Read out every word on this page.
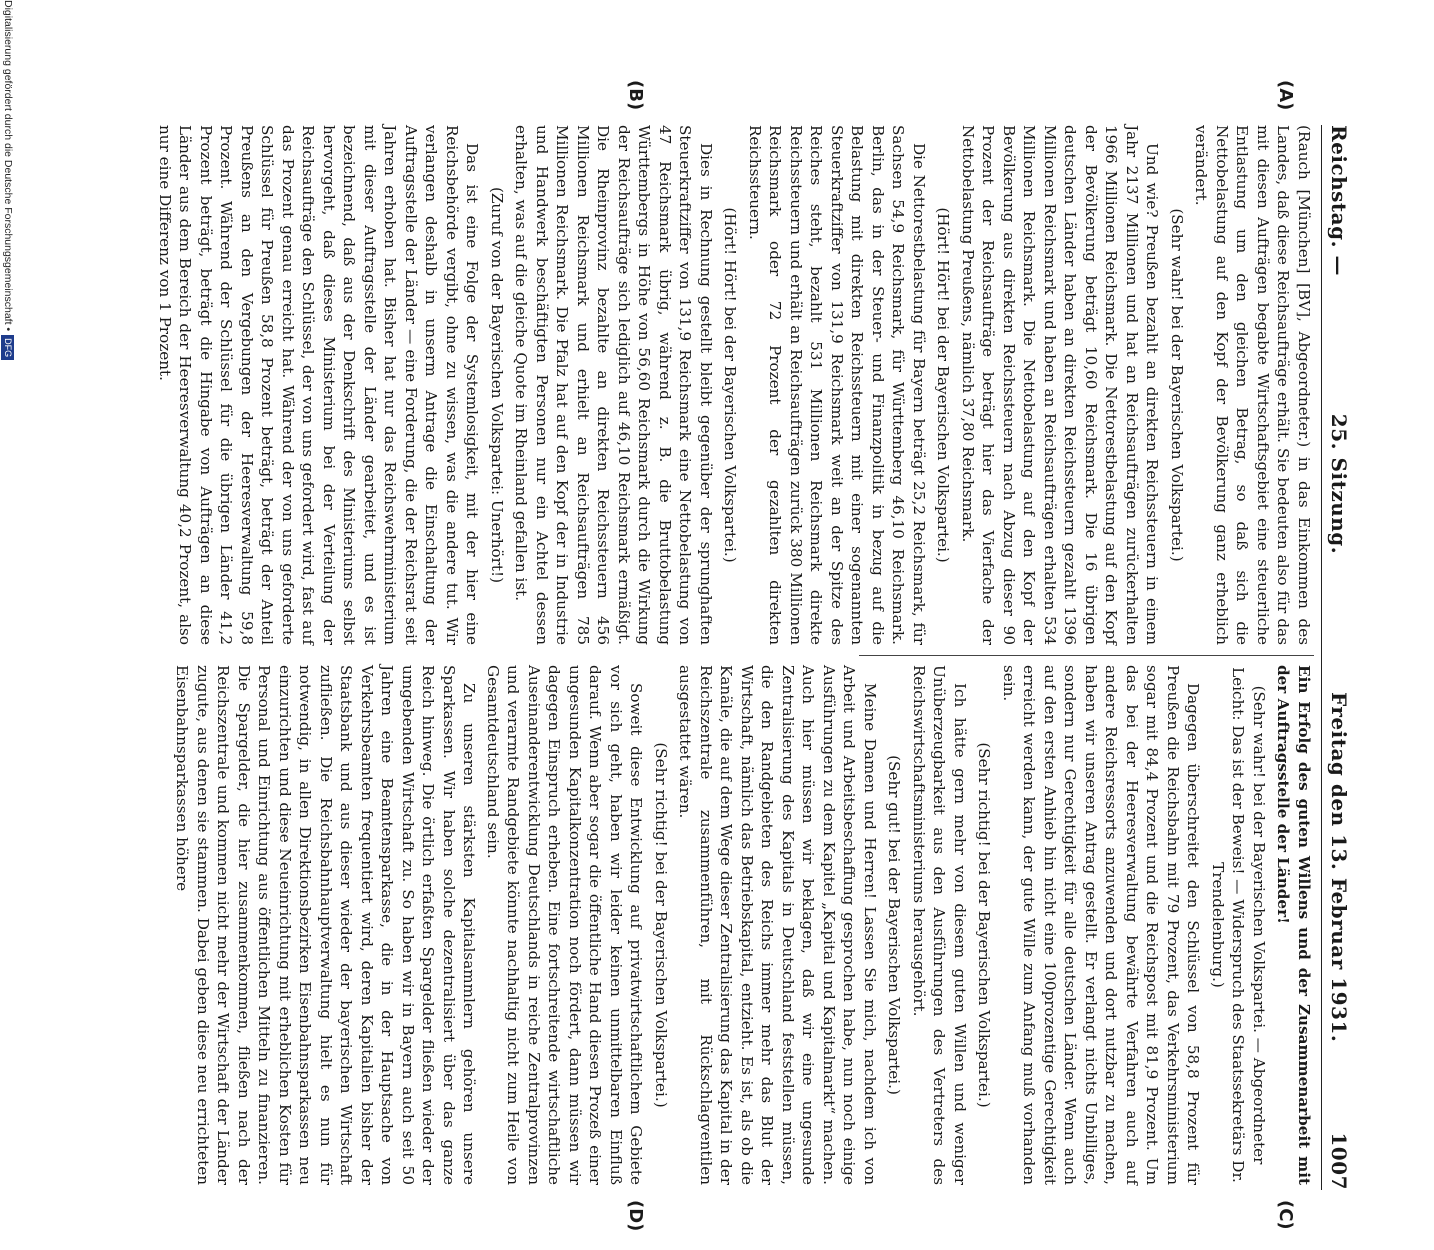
Reichstag. —
25. Sitzung.
Freitag den 13. Februar 1931.
1007
(A)
(B)
(C)
(D)

(Rauch [München] [BV], Abgeordneter.) in das Einkommen des Landes, daß diese Reichsaufträge erhält. Sie bedeuten also für das mit diesen Aufträgen begabte Wirtschaftsgebiet eine steuerliche Entlastung um den gleichen Betrag, so daß sich die Nettobelastung auf den Kopf der Bevölkerung ganz erheblich verändert.

(Sehr wahr! bei der Bayerischen Volkspartei.)

Und wie? Preußen bezahlt an direkten Reichssteuern in einem Jahr 2137 Millionen und hat an Reichsaufträgen zurückerhalten 1966 Millionen Reichsmark. Die Nettorestbelastung auf den Kopf der Bevölkerung beträgt 10,60 Reichsmark. Die 16 übrigen deutschen Länder haben an direkten Reichssteuern gezahlt 1396 Millionen Reichsmark und haben an Reichsaufträgen erhalten 534 Millionen Reichsmark. Die Nettobelastung auf den Kopf der Bevölkerung aus direkten Reichssteuern nach Abzug dieser 90 Prozent der Reichsaufträge beträgt hier das Vierfache der Nettobelastung Preußens, nämlich 37,80 Reichsmark.

(Hört! Hört! bei der Bayerischen Volkspartei.)

Die Nettorestbelastung für Bayern beträgt 25,2 Reichsmark, für Sachsen 54,9 Reichsmark, für Württemberg 46,10 Reichsmark. Berlin, das in der Steuer- und Finanzpolitik in bezug auf die Belastung mit direkten Reichssteuern mit einer sogenannten Steuerkraftziffer von 131,9 Reichsmark weit an der Spitze des Reiches steht, bezahlt 531 Millionen Reichsmark direkte Reichssteuern und erhält an Reichsaufträgen zurück 380 Millionen Reichsmark oder 72 Prozent der gezahlten direkten Reichssteuern.

(Hört! Hört! bei der Bayerischen Volkspartei.)

Dies in Rechnung gestellt bleibt gegenüber der sprunghaften Steuerkraftziffer von 131,9 Reichsmark eine Nettobelastung von 47 Reichsmark übrig, während z. B. die Bruttobelastung Württembergs in Höhe von 56,60 Reichsmark durch die Wirkung der Reichsaufträge sich lediglich auf 46,10 Reichsmark ermäßigt. Die Rheinprovinz bezahlte an direkten Reichssteuern 456 Millionen Reichsmark und erhielt an Reichsaufträgen 785 Millionen Reichsmark. Die Pfalz hat auf den Kopf der in Industrie und Handwerk beschäftigten Personen nur ein Achtel dessen erhalten, was auf die gleiche Quote im Rheinland gefallen ist.

(Zuruf von der Bayerischen Volkspartei: Unerhört!)

Das ist eine Folge der Systemlosigkeit, mit der hier eine Reichsbehörde vergibt, ohne zu wissen, was die andere tut. Wir verlangen deshalb in unserm Antrage die Einschaltung der Auftragsstelle der Länder — eine Forderung, die der Reichsrat seit Jahren erhoben hat. Bisher hat nur das Reichswehrministerium mit dieser Auftragsstelle der Länder gearbeitet, und es ist bezeichnend, daß aus der Denkschrift des Ministeriums selbst hervorgeht, daß dieses Ministerium bei der Verteilung der Reichsaufträge den Schlüssel, der von uns gefordert wird, fast auf das Prozent genau erreicht hat. Während der von uns geforderte Schlüssel für Preußen 58,8 Prozent beträgt, beträgt der Anteil Preußens an den Vergebungen der Heeresverwaltung 59,8 Prozent. Während der Schlüssel für die übrigen Länder 41,2 Prozent beträgt, beträgt die Hingabe von Aufträgen an diese Länder aus dem Bereich der Heeresverwaltung 40,2 Prozent, also nur eine Differenz von 1 Prozent.

Ein Erfolg des guten Willens und der Zusammenarbeit mit der Auftragsstelle der Länder!

(Sehr wahr! bei der Bayerischen Volkspartei. — Abgeordneter Leicht: Das ist der Beweis! — Widerspruch des Staatssekretärs Dr. Trendelenburg.)

Dagegen überschreitet den Schlüssel von 58,8 Prozent für Preußen die Reichsbahn mit 79 Prozent, das Verkehrsministerium sogar mit 84,4 Prozent und die Reichspost mit 81,9 Prozent. Um das bei der Heeresverwaltung bewährte Verfahren auch auf andere Reichsressorts anzuwenden und dort nutzbar zu machen, haben wir unseren Antrag gestellt. Er verlangt nichts Unbilliges, sondern nur Gerechtigkeit für alle deutschen Länder. Wenn auch auf den ersten Anhieb hin nicht eine 100prozentige Gerechtigkeit erreicht werden kann, der gute Wille zum Anfang muß vorhanden sein.

(Sehr richtig! bei der Bayerischen Volkspartei.)

Ich hätte gern mehr von diesem guten Willen und weniger Unüberzeugbarkeit aus den Ausführungen des Vertreters des Reichswirtschaftsministeriums herausgehört.

(Sehr gut! bei der Bayerischen Volkspartei.)

Meine Damen und Herren! Lassen Sie mich, nachdem ich von Arbeit und Arbeitsbeschaffung gesprochen habe, nun noch einige Ausführungen zu dem Kapitel „Kapital und Kapitalmarkt“ machen. Auch hier müssen wir beklagen, daß wir eine ungesunde Zentralisierung des Kapitals in Deutschland feststellen müssen, die den Randgebieten des Reichs immer mehr das Blut der Wirtschaft, nämlich das Betriebskapital, entzieht. Es ist, als ob die Kanäle, die auf dem Wege dieser Zentralisierung das Kapital in der Reichszentrale zusammenführen, mit Rückschlagventilen ausgestattet wären.

(Sehr richtig! bei der Bayerischen Volkspartei.)

Soweit diese Entwicklung auf privatwirtschaftlichem Gebiete vor sich geht, haben wir leider keinen unmittelbaren Einfluß darauf. Wenn aber sogar die öffentliche Hand diesen Prozeß einer ungesunden Kapitalkonzentration noch fördert, dann müssen wir dagegen Einspruch erheben. Eine fortschreitende wirtschaftliche Auseinanderentwicklung Deutschlands in reiche Zentralprovinzen und verarmte Randgebiete könnte nachhaltig nicht zum Heile von Gesamtdeutschland sein.

Zu unseren stärksten Kapitalsammlern gehören unsere Sparkassen. Wir haben solche dezentralisiert über das ganze Reich hinweg. Die örtlich erfaßten Spargelder fließen wieder der umgebenden Wirtschaft zu. So haben wir in Bayern auch seit 50 Jahren eine Beamtensparkasse, die in der Hauptsache von Verkehrsbeamten frequentiert wird, deren Kapitalien bisher der Staatsbank und aus dieser wieder der bayerischen Wirtschaft zufließen. Die Reichsbahnhauptverwaltung hielt es nun für notwendig, in allen Direktionsbezirken Eisenbahnsparkassen neu einzurichten und diese Neueinrichtung mit erheblichen Kosten für Personal und Einrichtung aus öffentlichen Mitteln zu finanzieren. Die Spargelder, die hier zusammenkommen, fließen nach der Reichszentrale und kommen nicht mehr der Wirtschaft der Länder zugute, aus denen sie stammen. Dabei geben diese neu errichteten Eisenbahnsparkassen höhere

Digitalisierung gefördert durch die Deutsche Forschungsgemeinschaft •
DFG
